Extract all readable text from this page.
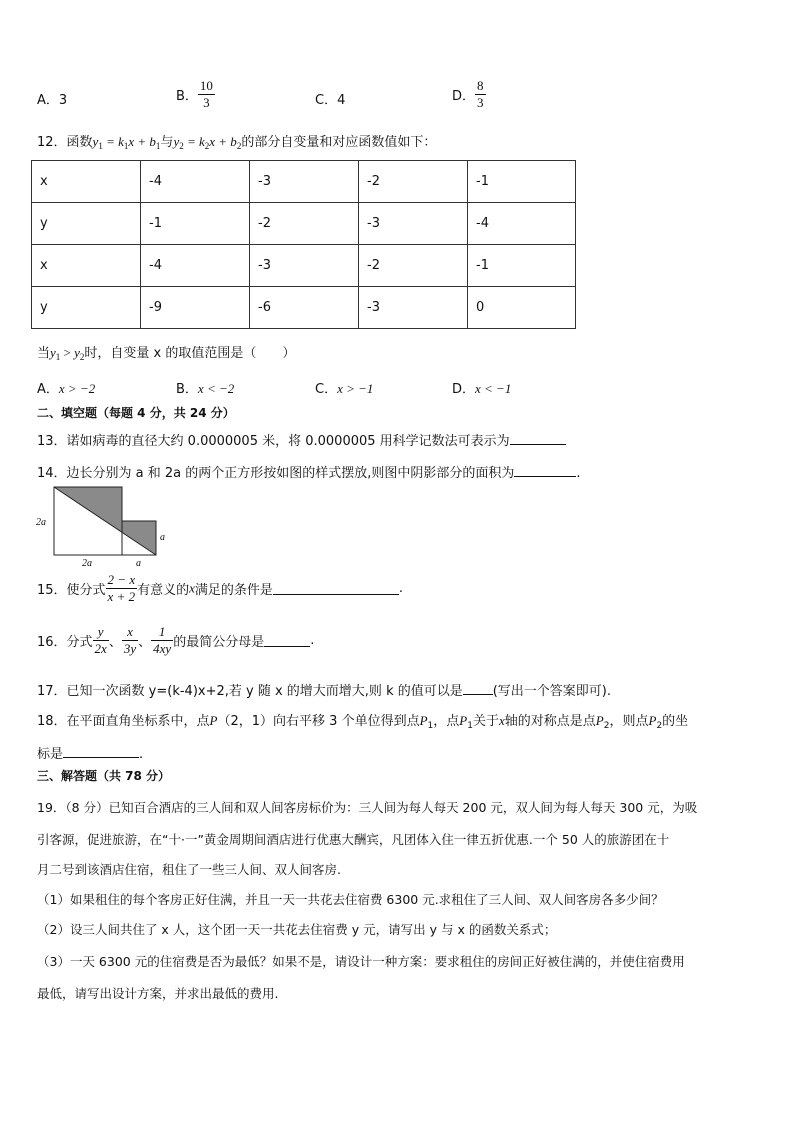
A．3	B． $\frac{10}{3}$	C．4	D． $\frac{8}{3}$
12．函数$y_1 = k_1x + b_1$与$y_2 = k_2x + b_2$的部分自变量和对应函数值如下：
x	-4	-3	-2	-1
y	-1	-2	-3	-4
x	-4	-3	-2	-1
y	-9	-6	-3	0
当$y_1 > y_2$时，自变量 x 的取值范围是（　　）
A．x > −2	B．x < −2	C．x > −1	D．x < −1
二、填空题（每题 4 分，共 24 分）
13．诺如病毒的直径大约 0.0000005 米，将 0.0000005 用科学记数法可表示为
14．边长分别为 a 和 2a 的两个正方形按如图的样式摆放,则图中阴影部分的面积为	.
2a
2a	a
a
15．使分式 $\frac{2 - x}{x + 2}$ 有意义的x满足的条件是	.
16．分式 $\frac{y}{2x}$ 、 $\frac{x}{3y}$ 、 $\frac{1}{4xy}$ 的最简公分母是	.
17．已知一次函数 y=(k-4)x+2,若 y 随 x 的增大而增大,则 k 的值可以是 (写出一个答案即可).
18．在平面直角坐标系中，点P（2，1）向右平移 3 个单位得到点$P_1$，点$P_1$关于x轴的对称点是点$P_2$，则点$P_2$的坐
标是	.
三、解答题（共 78 分）
19．（8 分）已知百合酒店的三人间和双人间客房标价为：三人间为每人每天 200 元，双人间为每人每天 300 元，为吸
引客源，促进旅游，在“十·一”黄金周期间酒店进行优惠大酬宾，凡团体入住一律五折优惠.一个 50 人的旅游团在十
月二号到该酒店住宿，租住了一些三人间、双人间客房.
（1）如果租住的每个客房正好住满，并且一天一共花去住宿费 6300 元.求租住了三人间、双人间客房各多少间？
（2）设三人间共住了 x 人，这个团一天一共花去住宿费 y 元，请写出 y 与 x 的函数关系式；
（3）一天 6300 元的住宿费是否为最低？如果不是，请设计一种方案：要求租住的房间正好被住满的，并使住宿费用
最低，请写出设计方案，并求出最低的费用.
